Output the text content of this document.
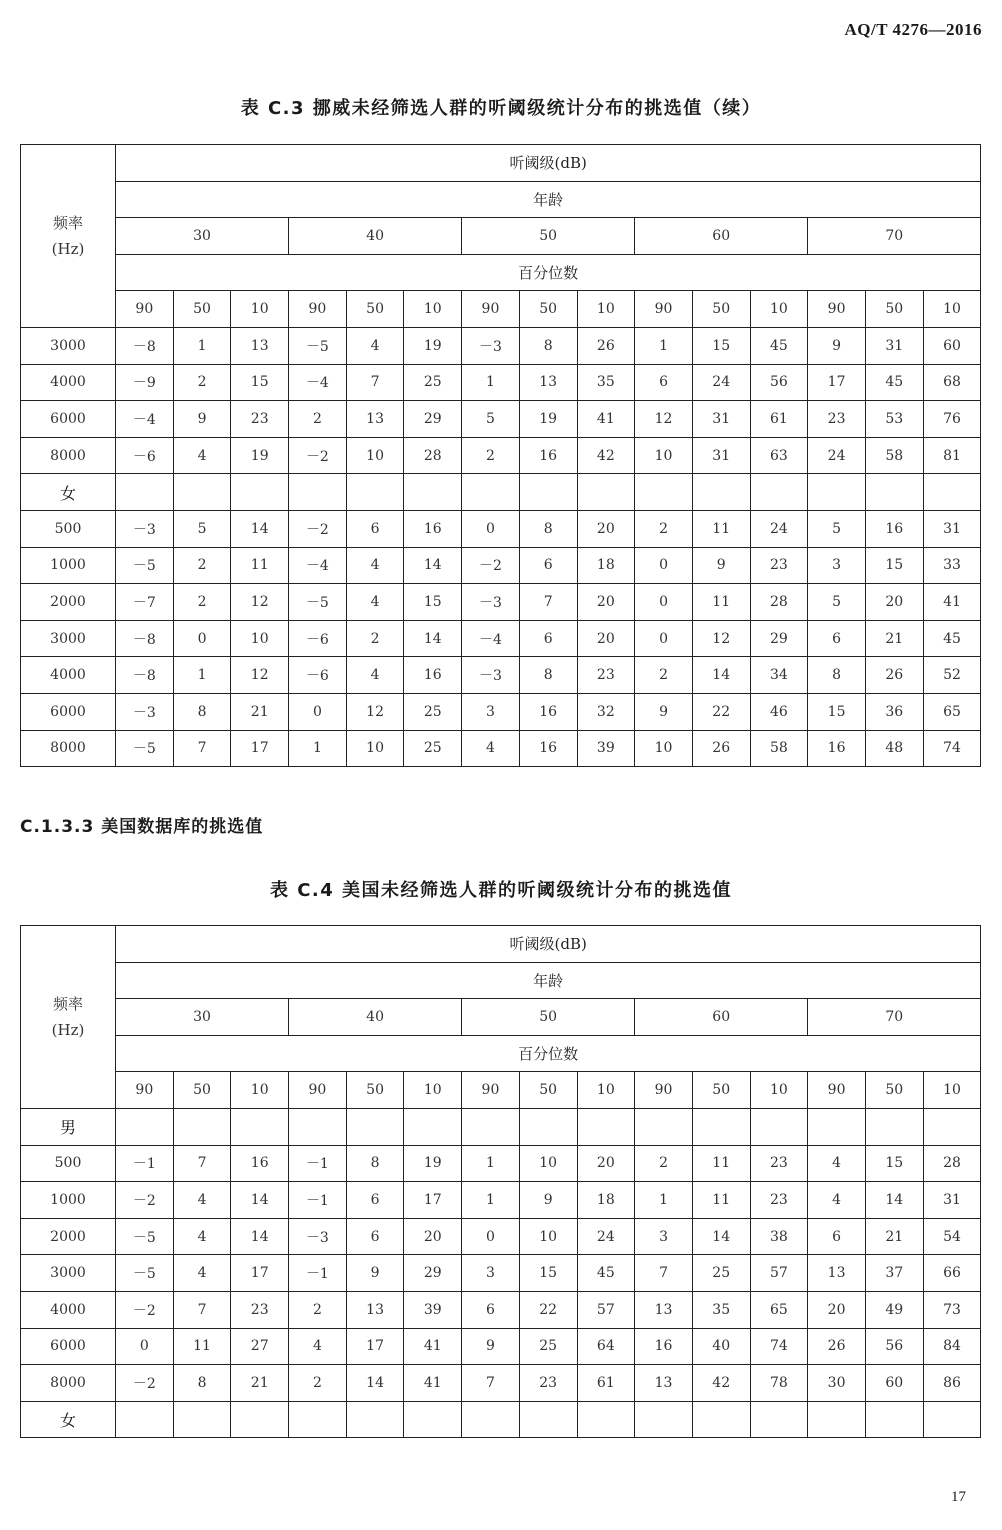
AQ/T 4276—2016
表 C.3 挪威未经筛选人群的听阈级统计分布的挑选值（续）
频率
(Hz)	听阈级(dB)														
	年龄														
	30			40			50			60			70		
	百分位数														
	90	50	10	90	50	10	90	50	10	90	50	10	90	50	10
3000	－8	1	13	－5	4	19	－3	8	26	1	15	45	9	31	60
4000	－9	2	15	－4	7	25	1	13	35	6	24	56	17	45	68
6000	－4	9	23	2	13	29	5	19	41	12	31	61	23	53	76
8000	－6	4	19	－2	10	28	2	16	42	10	31	63	24	58	81
女															
500	－3	5	14	－2	6	16	0	8	20	2	11	24	5	16	31
1000	－5	2	11	－4	4	14	－2	6	18	0	9	23	3	15	33
2000	－7	2	12	－5	4	15	－3	7	20	0	11	28	5	20	41
3000	－8	0	10	－6	2	14	－4	6	20	0	12	29	6	21	45
4000	－8	1	12	－6	4	16	－3	8	23	2	14	34	8	26	52
6000	－3	8	21	0	12	25	3	16	32	9	22	46	15	36	65
8000	－5	7	17	1	10	25	4	16	39	10	26	58	16	48	74
C.1.3.3 美国数据库的挑选值
表 C.4 美国未经筛选人群的听阈级统计分布的挑选值
频率
(Hz)	听阈级(dB)														
	年龄														
	30			40			50			60			70		
	百分位数														
	90	50	10	90	50	10	90	50	10	90	50	10	90	50	10
男															
500	－1	7	16	－1	8	19	1	10	20	2	11	23	4	15	28
1000	－2	4	14	－1	6	17	1	9	18	1	11	23	4	14	31
2000	－5	4	14	－3	6	20	0	10	24	3	14	38	6	21	54
3000	－5	4	17	－1	9	29	3	15	45	7	25	57	13	37	66
4000	－2	7	23	2	13	39	6	22	57	13	35	65	20	49	73
6000	0	11	27	4	17	41	9	25	64	16	40	74	26	56	84
8000	－2	8	21	2	14	41	7	23	61	13	42	78	30	60	86
女															
17
